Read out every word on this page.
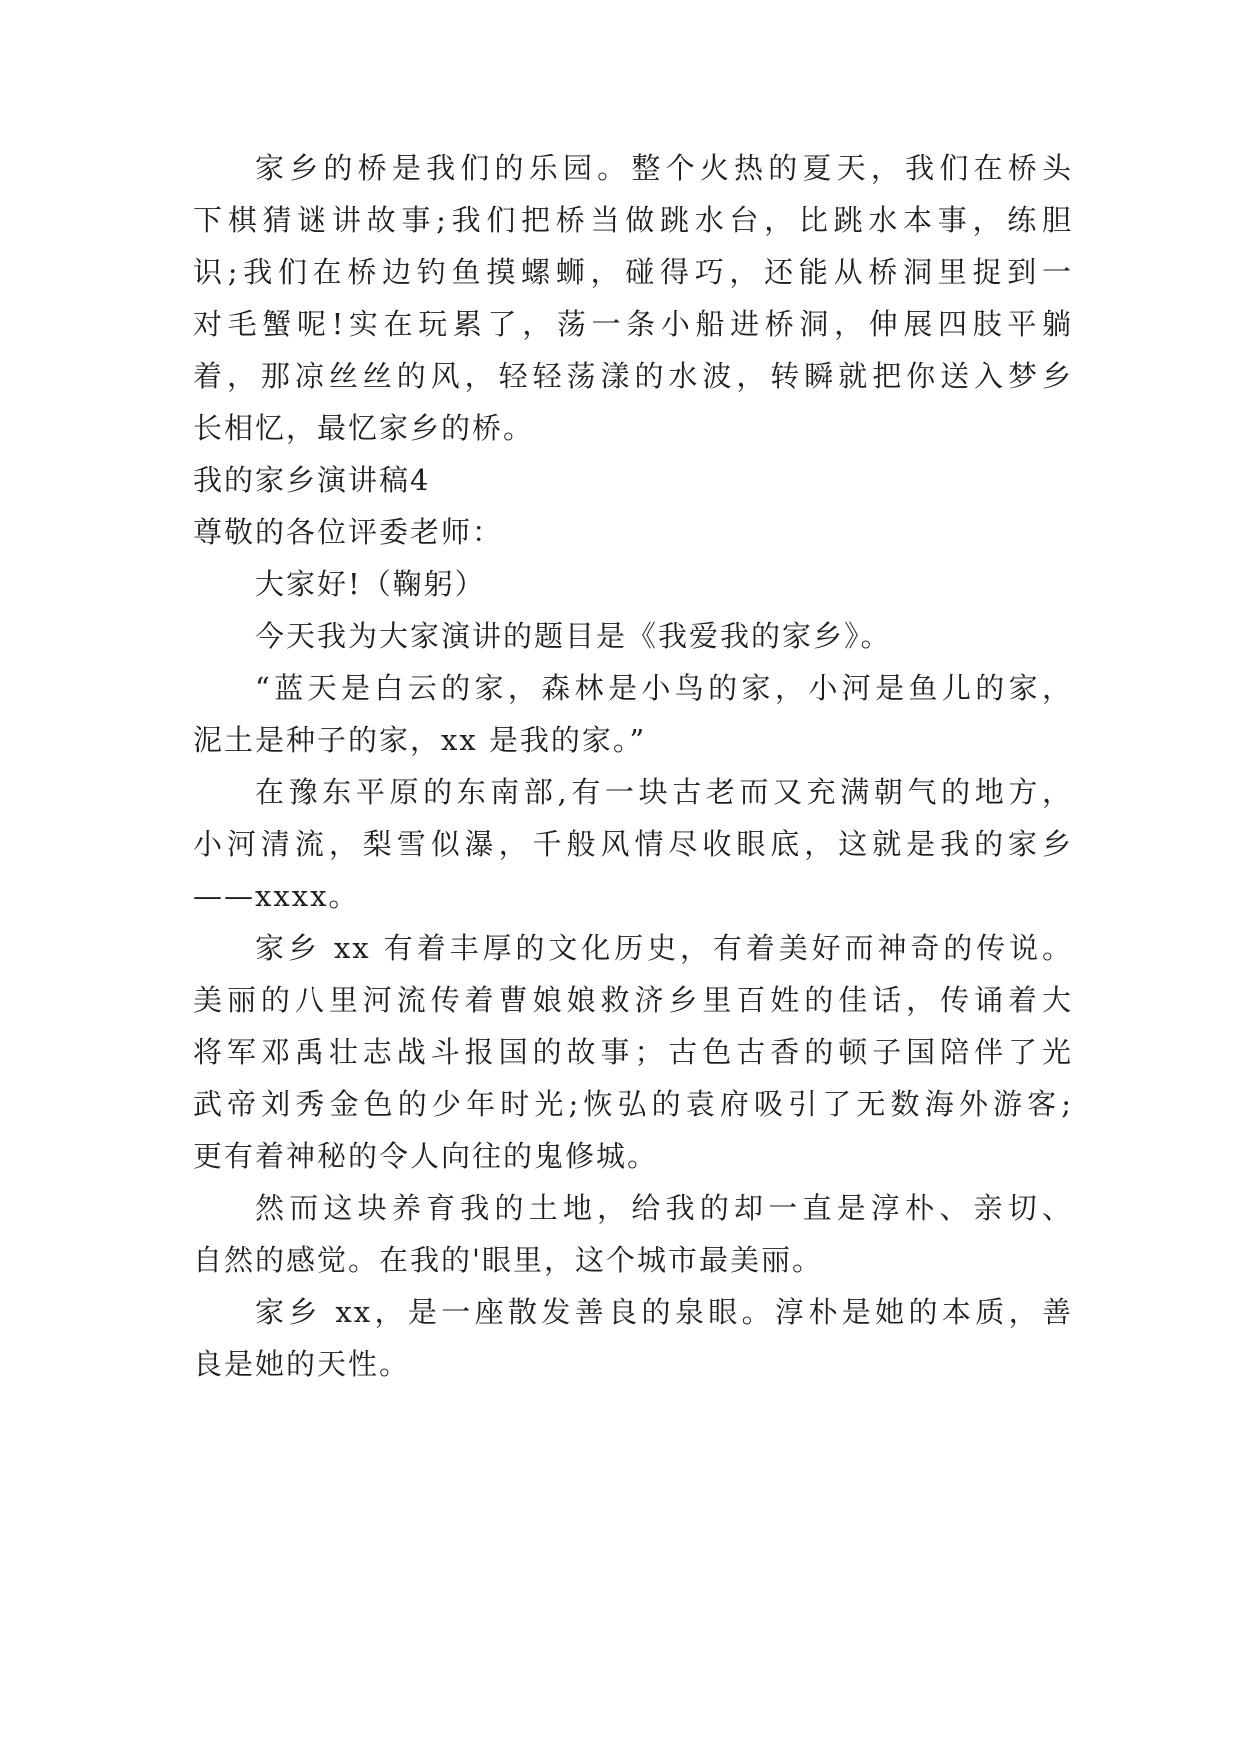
家乡的桥是我们的乐园。整个火热的夏天，我们在桥头
下棋猜谜讲故事;我们把桥当做跳水台，比跳水本事，练胆
识;我们在桥边钓鱼摸螺蛳，碰得巧，还能从桥洞里捉到一
对毛蟹呢!实在玩累了，荡一条小船进桥洞，伸展四肢平躺
着，那凉丝丝的风，轻轻荡漾的水波，转瞬就把你送入梦乡
长相忆，最忆家乡的桥。
我的家乡演讲稿4
尊敬的各位评委老师：
大家好!（鞠躬）
今天我为大家演讲的题目是《我爱我的家乡》。
“蓝天是白云的家，森林是小鸟的家，小河是鱼儿的家，
泥土是种子的家，xx 是我的家。”
在豫东平原的东南部,有一块古老而又充满朝气的地方，
小河清流，梨雪似瀑，千般风情尽收眼底，这就是我的家乡
——xxxx。
家乡 xx 有着丰厚的文化历史，有着美好而神奇的传说。
美丽的八里河流传着曹娘娘救济乡里百姓的佳话，传诵着大
将军邓禹壮志战斗报国的故事；古色古香的顿子国陪伴了光
武帝刘秀金色的少年时光;恢弘的袁府吸引了无数海外游客;
更有着神秘的令人向往的鬼修城。
然而这块养育我的土地，给我的却一直是淳朴、亲切、
自然的感觉。在我的'眼里，这个城市最美丽。
家乡 xx，是一座散发善良的泉眼。淳朴是她的本质，善
良是她的天性。
